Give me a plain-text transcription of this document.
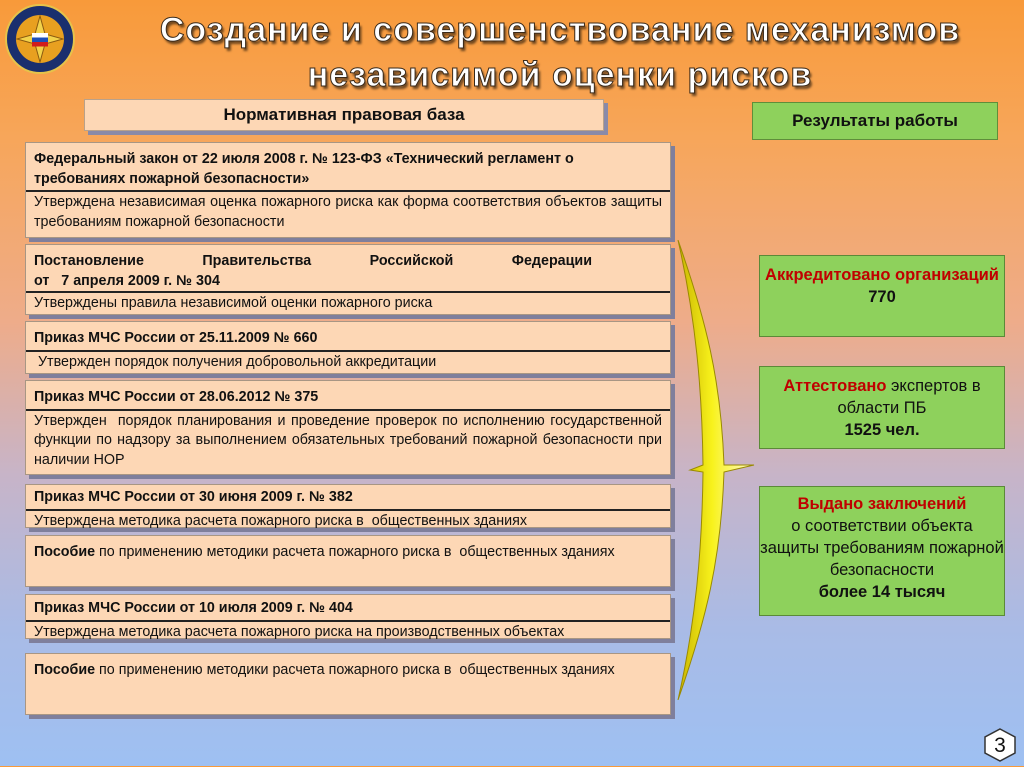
Создание и совершенствование механизмов
независимой оценки рисков
Нормативная правовая база	Результаты работы
Федеральный закон от 22 июля 2008 г. № 123-ФЗ «Технический регламент о требованиях пожарной безопасности»
Утверждена независимая оценка пожарного риска как форма соответствия объектов защиты требованиям пожарной безопасности
Постановление Правительства Российской Федерации
от   7 апреля 2009 г. № 304
Утверждены правила независимой оценки пожарного риска
Приказ МЧС России от 25.11.2009 № 660
Утвержден порядок получения добровольной аккредитации
Приказ МЧС России от 28.06.2012 № 375
Утвержден  порядок планирования и проведение проверок по исполнению государственной функции по надзору за выполнением обязательных требований пожарной безопасности при наличии НОР
Приказ МЧС России от 30 июня 2009 г. № 382
Утверждена методика расчета пожарного риска в  общественных зданиях
Пособие по применению методики расчета пожарного риска в  общественных зданиях
Приказ МЧС России от 10 июля 2009 г. № 404
Утверждена методика расчета пожарного риска на производственных объектах
Пособие по применению методики расчета пожарного риска в  общественных зданиях
Аккредитовано организаций
770
Аттестовано экспертов в области ПБ
1525 чел.
Выдано заключений
о соответствии объекта защиты требованиям пожарной безопасности
более 14 тысяч
3
